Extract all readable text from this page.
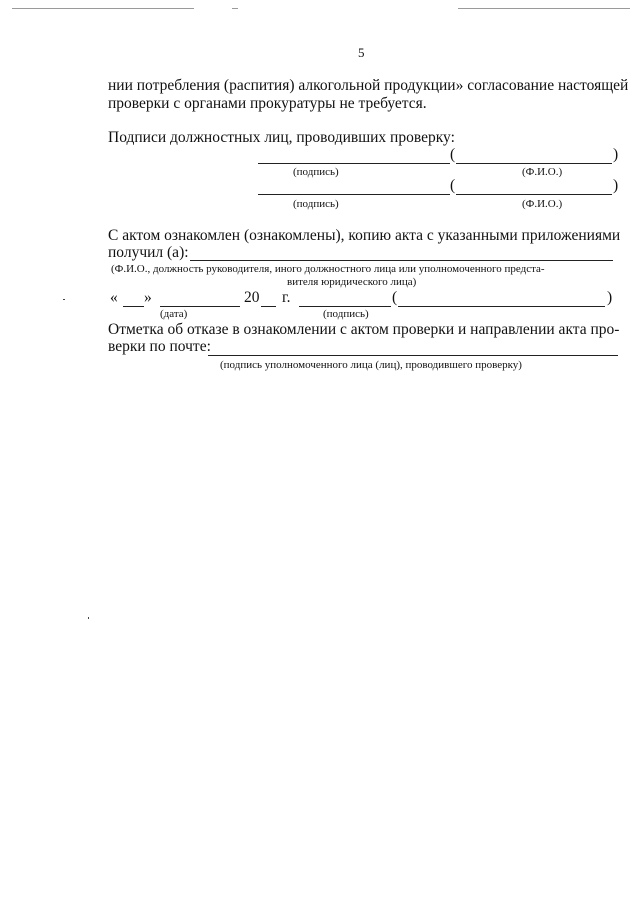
5
нии потребления (распития) алкогольной продукции» согласование настоящей
проверки с органами прокуратуры не требуется.
Подписи должностных лиц, проводивших проверку:
(	)
(подпись)	(Ф.И.О.)
(	)
(подпись)	(Ф.И.О.)
С актом ознакомлен (ознакомлены), копию акта с указанными приложениями
получил (а):
(Ф.И.О., должность руководителя, иного должностного лица или уполномоченного предста-
вителя юридического лица)
« »	20 г.	(	)
(дата)	(подпись)
Отметка об отказе в ознакомлении с актом проверки и направлении акта про-
верки по почте:
(подпись уполномоченного лица (лиц), проводившего проверку)
